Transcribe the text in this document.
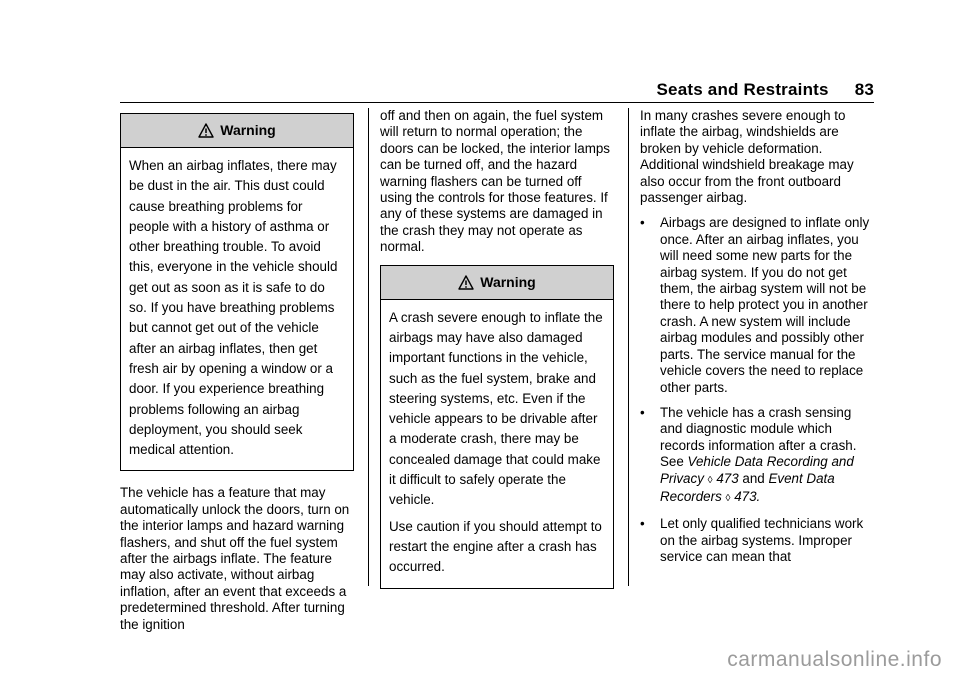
Seats and Restraints 83
Warning

When an airbag inflates, there may be dust in the air. This dust could cause breathing problems for people with a history of asthma or other breathing trouble. To avoid this, everyone in the vehicle should get out as soon as it is safe to do so. If you have breathing problems but cannot get out of the vehicle after an airbag inflates, then get fresh air by opening a window or a door. If you experience breathing problems following an airbag deployment, you should seek medical attention.

The vehicle has a feature that may automatically unlock the doors, turn on the interior lamps and hazard warning flashers, and shut off the fuel system after the airbags inflate. The feature may also activate, without airbag inflation, after an event that exceeds a predetermined threshold. After turning the ignition

off and then on again, the fuel system will return to normal operation; the doors can be locked, the interior lamps can be turned off, and the hazard warning flashers can be turned off using the controls for those features. If any of these systems are damaged in the crash they may not operate as normal.

Warning

A crash severe enough to inflate the airbags may have also damaged important functions in the vehicle, such as the fuel system, brake and steering systems, etc. Even if the vehicle appears to be drivable after a moderate crash, there may be concealed damage that could make it difficult to safely operate the vehicle.

Use caution if you should attempt to restart the engine after a crash has occurred.

In many crashes severe enough to inflate the airbag, windshields are broken by vehicle deformation. Additional windshield breakage may also occur from the front outboard passenger airbag.

• Airbags are designed to inflate only once. After an airbag inflates, you will need some new parts for the airbag system. If you do not get them, the airbag system will not be there to help protect you in another crash. A new system will include airbag modules and possibly other parts. The service manual for the vehicle covers the need to replace other parts.
• The vehicle has a crash sensing and diagnostic module which records information after a crash. See Vehicle Data Recording and Privacy ◊ 473 and Event Data Recorders ◊ 473.
• Let only qualified technicians work on the airbag systems. Improper service can mean that
carmanualsonline.info
